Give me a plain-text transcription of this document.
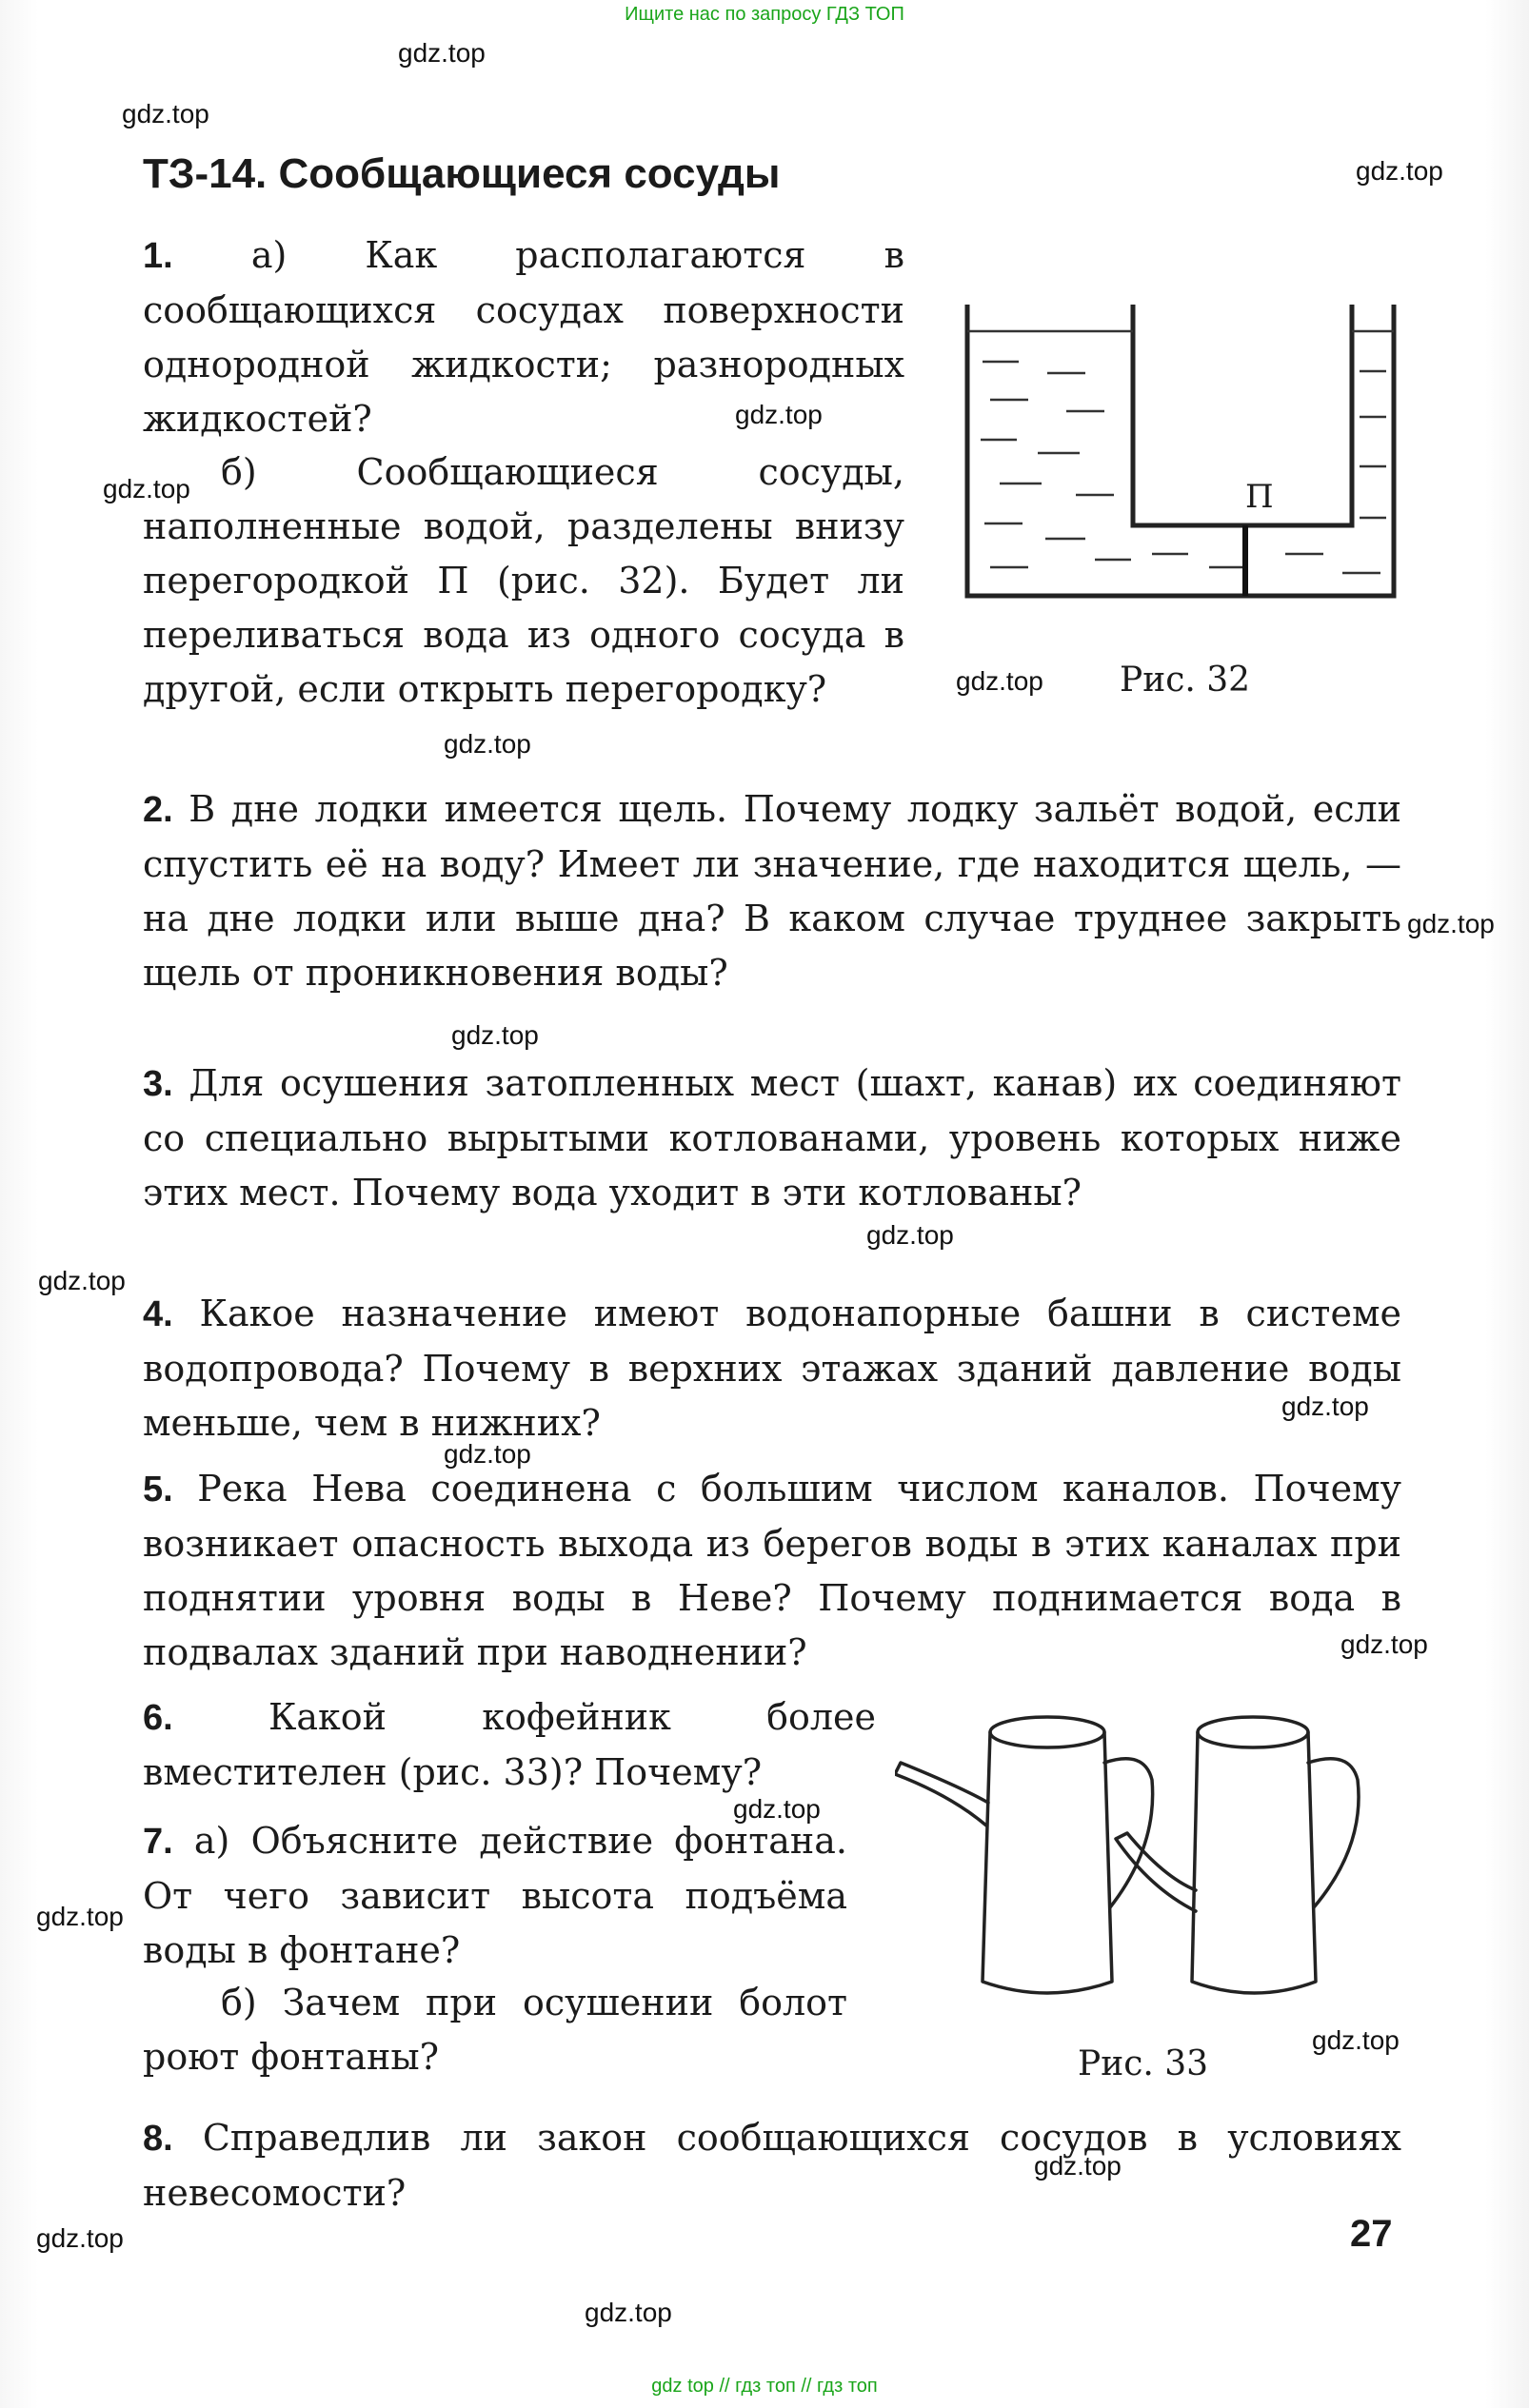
Ищите нас по запросу ГДЗ ТОП
gdz.top
gdz.top
gdz.top
gdz.top
gdz.top
gdz.top
gdz.top
gdz.top
gdz.top
gdz.top
gdz.top
gdz.top
gdz.top
gdz.top
gdz.top
gdz.top
gdz.top
gdz.top
gdz.top
gdz.top
ТЗ-14. Сообщающиеся сосуды
1. а) Как располагаются в сообщающихся сосудах поверхности однородной жидкости; разнородных жидкостей?
б) Сообщающиеся сосуды, наполненные водой, разделены внизу перегородкой П (рис. 32). Будет ли переливаться вода из одного сосуда в другой, если открыть перегородку?
П
Рис. 32
2. В дне лодки имеется щель. Почему лодку зальёт водой, если спустить её на воду? Имеет ли значение, где находится щель, — на дне лодки или выше дна? В каком случае труднее закрыть щель от проникновения воды?
3. Для осушения затопленных мест (шахт, канав) их соединяют со специально вырытыми котлованами, уровень которых ниже этих мест. Почему вода уходит в эти котлованы?
4. Какое назначение имеют водонапорные башни в системе водопровода? Почему в верхних этажах зданий давление воды меньше, чем в нижних?
5. Река Нева соединена с большим числом каналов. Почему возникает опасность выхода из берегов воды в этих каналах при поднятии уровня воды в Неве? Почему поднимается вода в подвалах зданий при наводнении?
6.	Какой кофейник более вместителен (рис. 33)? Почему?
7. а) Объясните действие фонтана. От чего зависит высота подъёма воды в фонтане?
б) Зачем при осушении болот роют фонтаны?	Рис. 33
8. Справедлив ли закон сообщающихся сосудов в условиях невесомости?
27
gdz top // гдз топ // гдз топ
